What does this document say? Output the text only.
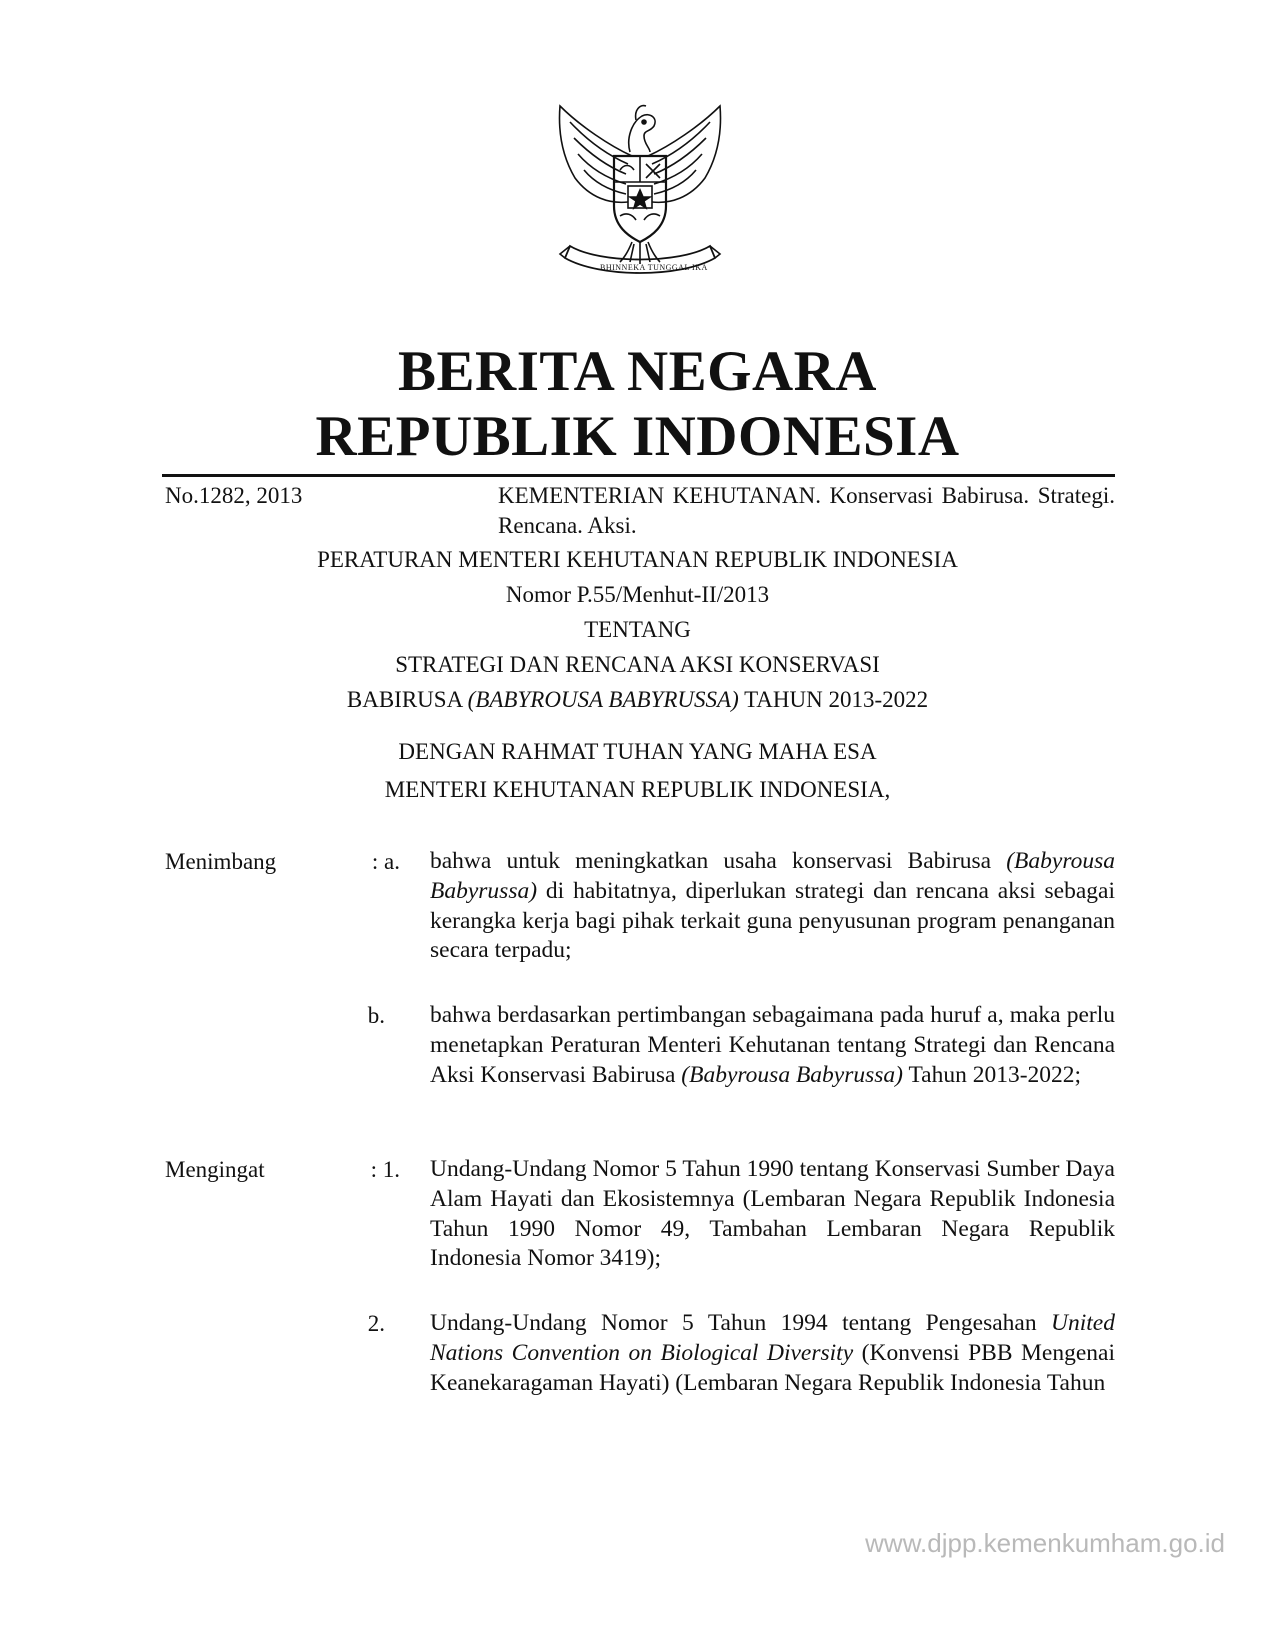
BHINNEKA TUNGGAL IKA
BERITA NEGARA
REPUBLIK INDONESIA
No.1282, 2013	KEMENTERIAN KEHUTANAN. Konservasi Babirusa. Strategi. Rencana. Aksi.
PERATURAN MENTERI KEHUTANAN REPUBLIK INDONESIA
Nomor P.55/Menhut-II/2013
TENTANG
STRATEGI DAN RENCANA AKSI KONSERVASI
BABIRUSA (BABYROUSA BABYRUSSA) TAHUN 2013-2022
DENGAN RAHMAT TUHAN YANG MAHA ESA
MENTERI KEHUTANAN REPUBLIK INDONESIA,
Menimbang	: a. bahwa untuk meningkatkan usaha konservasi Babirusa (Babyrousa Babyrussa) di habitatnya, diperlukan strategi dan rencana aksi sebagai kerangka kerja bagi pihak terkait guna penyusunan program penanganan secara terpadu;
b. bahwa berdasarkan pertimbangan sebagaimana pada huruf a, maka perlu menetapkan Peraturan Menteri Kehutanan tentang Strategi dan Rencana Aksi Konservasi Babirusa (Babyrousa Babyrussa) Tahun 2013-2022;
Mengingat	: 1. Undang-Undang Nomor 5 Tahun 1990 tentang Konservasi Sumber Daya Alam Hayati dan Ekosistemnya (Lembaran Negara Republik Indonesia Tahun 1990 Nomor 49, Tambahan Lembaran Negara Republik Indonesia Nomor 3419);
2. Undang-Undang Nomor 5 Tahun 1994 tentang Pengesahan United Nations Convention on Biological Diversity (Konvensi PBB Mengenai Keanekaragaman Hayati) (Lembaran Negara Republik Indonesia Tahun
www.djpp.kemenkumham.go.id
